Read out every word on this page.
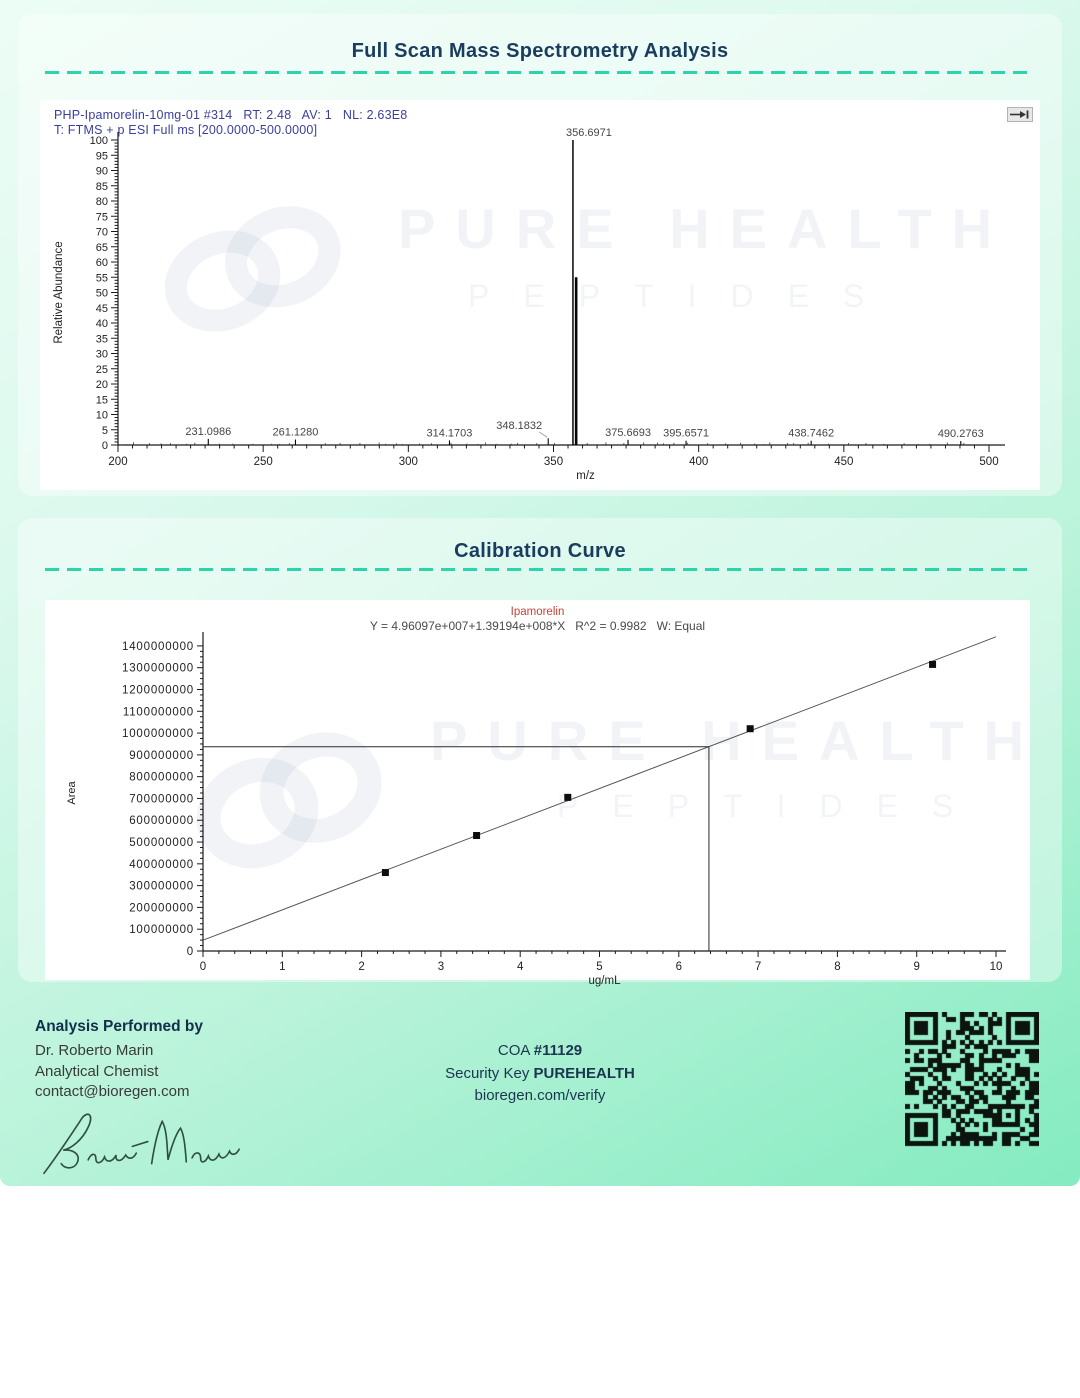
Full Scan Mass Spectrometry Analysis
PURE HEALTH
PEPTIDES
0
5
10
15
20
25
30
35
40
45
50
55
60
65
70
75
80
85
90
95
100
200	250	300	350	400	450	500
m/z
Relative Abundance
231.0986	261.1280	314.1703
348.1832
356.6971
375.6693 395.6571	438.7462	490.2763
PHP-Ipamorelin-10mg-01 #314   RT: 2.48   AV: 1   NL: 2.63E8
T: FTMS + p ESI Full ms [200.0000-500.0000]
Calibration Curve
PURE HEALTH
PEPTIDES
0
100000000
200000000
300000000
400000000
500000000
600000000
700000000
800000000
900000000
1000000000
1100000000
1200000000
1300000000
1400000000
0	1	2	3	4	5	6	7	8	9	10
ug/mL
Area
Ipamorelin
Y = 4.96097e+007+1.39194e+008*X   R^2 = 0.9982   W: Equal
Analysis Performed by
Dr. Roberto Marin
Analytical Chemist
contact@bioregen.com
COA #11129
Security Key PUREHEALTH
bioregen.com/verify
